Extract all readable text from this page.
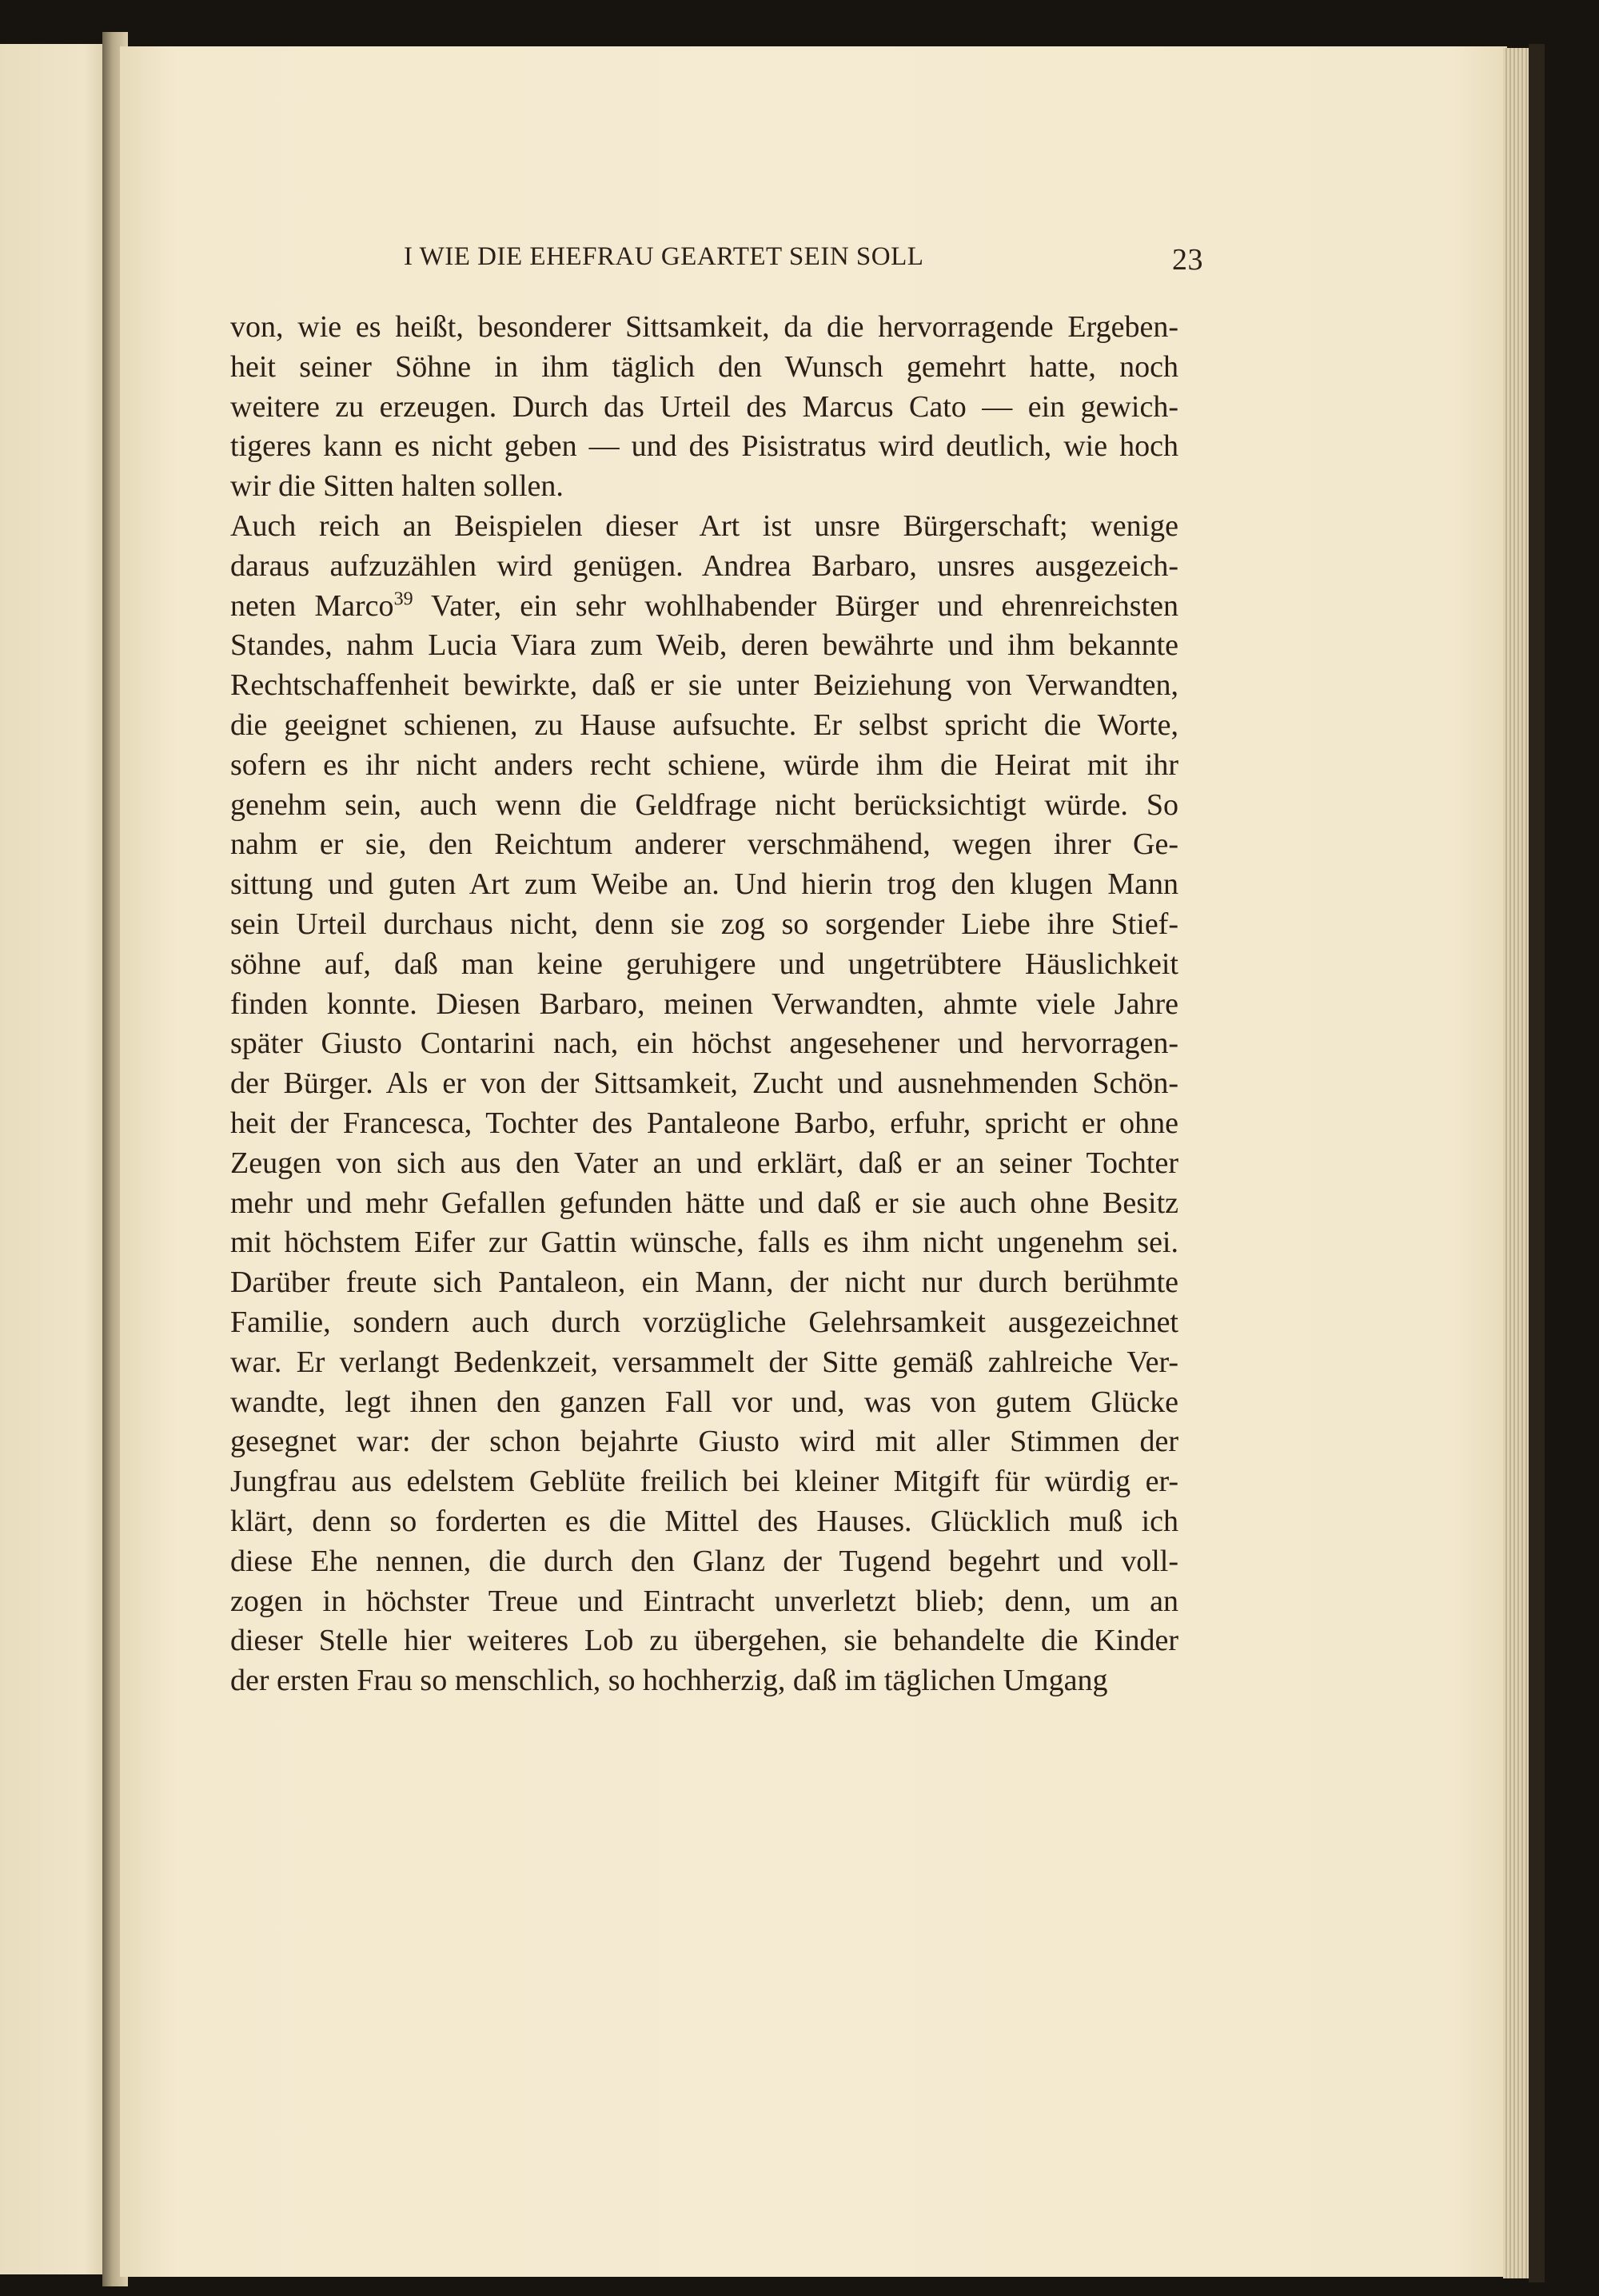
I WIE DIE EHEFRAU GEARTET SEIN SOLL	23
von, wie es heißt, besonderer Sittsamkeit, da die hervorragende Ergeben-
heit seiner Söhne in ihm täglich den Wunsch gemehrt hatte, noch
weitere zu erzeugen. Durch das Urteil des Marcus Cato — ein gewich-
tigeres kann es nicht geben — und des Pisistratus wird deutlich, wie hoch
wir die Sitten halten sollen.
Auch reich an Beispielen dieser Art ist unsre Bürgerschaft; wenige
daraus aufzuzählen wird genügen. Andrea Barbaro, unsres ausgezeich-
neten Marco$^{39}$ Vater, ein sehr wohlhabender Bürger und ehrenreichsten
Standes, nahm Lucia Viara zum Weib, deren bewährte und ihm bekannte
Rechtschaffenheit bewirkte, daß er sie unter Beiziehung von Verwandten,
die geeignet schienen, zu Hause aufsuchte. Er selbst spricht die Worte,
sofern es ihr nicht anders recht schiene, würde ihm die Heirat mit ihr
genehm sein, auch wenn die Geldfrage nicht berücksichtigt würde. So
nahm er sie, den Reichtum anderer verschmähend, wegen ihrer Ge-
sittung und guten Art zum Weibe an. Und hierin trog den klugen Mann
sein Urteil durchaus nicht, denn sie zog so sorgender Liebe ihre Stief-
söhne auf, daß man keine geruhigere und ungetrübtere Häuslichkeit
finden konnte. Diesen Barbaro, meinen Verwandten, ahmte viele Jahre
später Giusto Contarini nach, ein höchst angesehener und hervorragen-
der Bürger. Als er von der Sittsamkeit, Zucht und ausnehmenden Schön-
heit der Francesca, Tochter des Pantaleone Barbo, erfuhr, spricht er ohne
Zeugen von sich aus den Vater an und erklärt, daß er an seiner Tochter
mehr und mehr Gefallen gefunden hätte und daß er sie auch ohne Besitz
mit höchstem Eifer zur Gattin wünsche, falls es ihm nicht ungenehm sei.
Darüber freute sich Pantaleon, ein Mann, der nicht nur durch berühmte
Familie, sondern auch durch vorzügliche Gelehrsamkeit ausgezeichnet
war. Er verlangt Bedenkzeit, versammelt der Sitte gemäß zahlreiche Ver-
wandte, legt ihnen den ganzen Fall vor und, was von gutem Glücke
gesegnet war: der schon bejahrte Giusto wird mit aller Stimmen der
Jungfrau aus edelstem Geblüte freilich bei kleiner Mitgift für würdig er-
klärt, denn so forderten es die Mittel des Hauses. Glücklich muß ich
diese Ehe nennen, die durch den Glanz der Tugend begehrt und voll-
zogen in höchster Treue und Eintracht unverletzt blieb; denn, um an
dieser Stelle hier weiteres Lob zu übergehen, sie behandelte die Kinder
der ersten Frau so menschlich, so hochherzig, daß im täglichen Umgang
